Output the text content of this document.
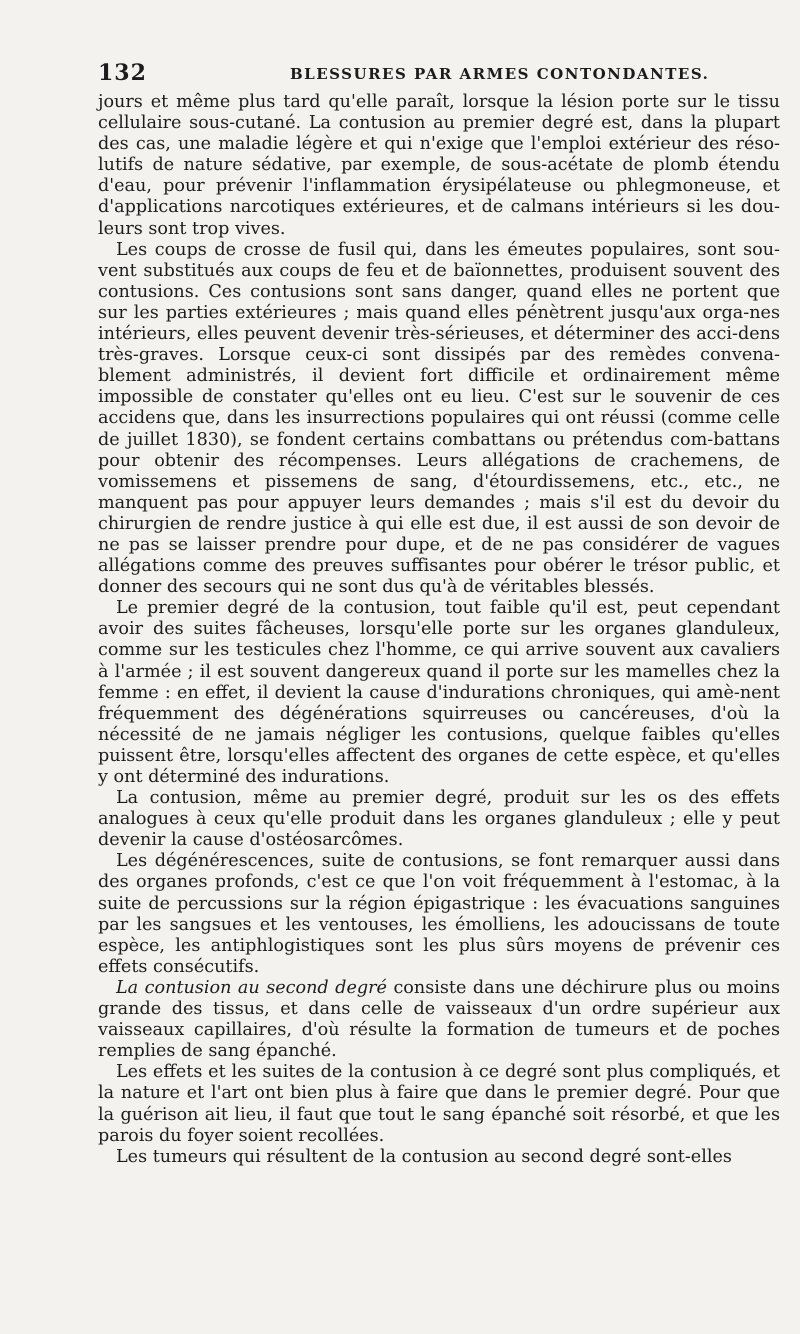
132	BLESSURES PAR ARMES CONTONDANTES.

jours et même plus tard qu'elle paraît, lorsque la lésion porte sur le tissu cellulaire sous-cutané. La contusion au premier degré est, dans la plupart des cas, une maladie légère et qui n'exige que l'emploi extérieur des réso-lutifs de nature sédative, par exemple, de sous-acétate de plomb étendu d'eau, pour prévenir l'inflammation érysipélateuse ou phlegmoneuse, et d'applications narcotiques extérieures, et de calmans intérieurs si les dou-leurs sont trop vives.

Les coups de crosse de fusil qui, dans les émeutes populaires, sont sou-vent substitués aux coups de feu et de baïonnettes, produisent souvent des contusions. Ces contusions sont sans danger, quand elles ne portent que sur les parties extérieures ; mais quand elles pénètrent jusqu'aux orga-nes intérieurs, elles peuvent devenir très-sérieuses, et déterminer des acci-dens très-graves. Lorsque ceux-ci sont dissipés par des remèdes convena-blement administrés, il devient fort difficile et ordinairement même impossible de constater qu'elles ont eu lieu. C'est sur le souvenir de ces accidens que, dans les insurrections populaires qui ont réussi (comme celle de juillet 1830), se fondent certains combattans ou prétendus com-battans pour obtenir des récompenses. Leurs allégations de crachemens, de vomissemens et pissemens de sang, d'étourdissemens, etc., etc., ne manquent pas pour appuyer leurs demandes ; mais s'il est du devoir du chirurgien de rendre justice à qui elle est due, il est aussi de son devoir de ne pas se laisser prendre pour dupe, et de ne pas considérer de vagues allégations comme des preuves suffisantes pour obérer le trésor public, et donner des secours qui ne sont dus qu'à de véritables blessés.

Le premier degré de la contusion, tout faible qu'il est, peut cependant avoir des suites fâcheuses, lorsqu'elle porte sur les organes glanduleux, comme sur les testicules chez l'homme, ce qui arrive souvent aux cavaliers à l'armée ; il est souvent dangereux quand il porte sur les mamelles chez la femme : en effet, il devient la cause d'indurations chroniques, qui amè-nent fréquemment des dégénérations squirreuses ou cancéreuses, d'où la nécessité de ne jamais négliger les contusions, quelque faibles qu'elles puissent être, lorsqu'elles affectent des organes de cette espèce, et qu'elles y ont déterminé des indurations.

La contusion, même au premier degré, produit sur les os des effets analogues à ceux qu'elle produit dans les organes glanduleux ; elle y peut devenir la cause d'ostéosarcômes.

Les dégénérescences, suite de contusions, se font remarquer aussi dans des organes profonds, c'est ce que l'on voit fréquemment à l'estomac, à la suite de percussions sur la région épigastrique : les évacuations sanguines par les sangsues et les ventouses, les émolliens, les adoucissans de toute espèce, les antiphlogistiques sont les plus sûrs moyens de prévenir ces effets consécutifs.

La contusion au second degré consiste dans une déchirure plus ou moins grande des tissus, et dans celle de vaisseaux d'un ordre supérieur aux vaisseaux capillaires, d'où résulte la formation de tumeurs et de poches remplies de sang épanché.

Les effets et les suites de la contusion à ce degré sont plus compliqués, et la nature et l'art ont bien plus à faire que dans le premier degré. Pour que la guérison ait lieu, il faut que tout le sang épanché soit résorbé, et que les parois du foyer soient recollées.

Les tumeurs qui résultent de la contusion au second degré sont-elles
